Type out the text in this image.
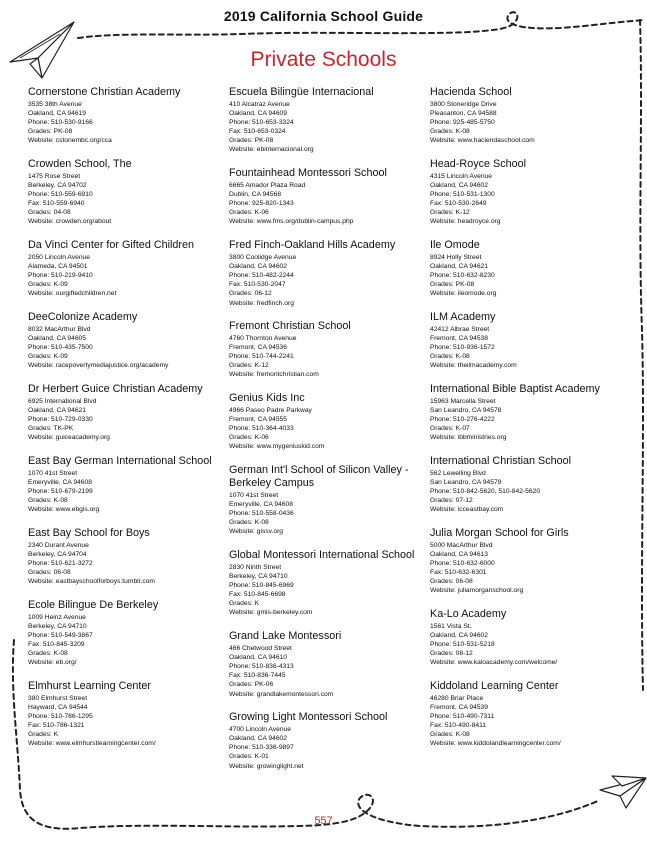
2019 California School Guide
Private Schools
Cornerstone Christian Academy
3535 38th Avenue
Oakland, CA 94619
Phone: 510-530-9166
Grades: PK-08
Website: cstonembc.org/cca
Crowden School, The
1475 Rose Street
Berkeley, CA 94702
Phone: 510-559-6910
Fax: 510-559-6940
Grades: 04-08
Website: crowden.org/about
Da Vinci Center for Gifted Children
2050 Lincoln Avenue
Alameda, CA 94501
Phone: 510-219-9410
Grades: K-09
Website: ourgiftedchildren.net
DeeColonize Academy
8032 MacArthur Blvd
Oakland, CA 94605
Phone: 510-435-7500
Grades: K-09
Website: racepovertymediajustice.org/academy
Dr Herbert Guice Christian Academy
6925 International Blvd
Oakland, CA 94621
Phone: 510-729-0330
Grades: TK-PK
Website: guiceacademy.org
East Bay German International School
1070 41st Street
Emeryville, CA 94608
Phone: 510-679-2199
Grades: K-08
Website: www.ebgis.org
East Bay School for Boys
2340 Durant Avenue
Berkeley, CA 94704
Phone: 510-621-3272
Grades: 06-08
Website: eastbayschoolforboys.tumblr.com
Ecole Bilingue De Berkeley
1009 Heinz Avenue
Berkeley, CA 94710
Phone: 510-549-3867
Fax: 510-845-3209
Grades: K-08
Website: eb.org/
Elmhurst Learning Center
380 Elmhurst Street
Hayward, CA 94544
Phone: 510-786-1295
Fax: 510-786-1321
Grades: K
Website: www.elmhurstlearningcenter.com/
Escuela Bilingüe Internacional
410 Alcatraz Avenue
Oakland, CA 94609
Phone: 510-653-3324
Fax: 510-653-0324
Grades: PK-08
Website: ebinternacional.org
Fountainhead Montessori School
6665 Amador Plaza Road
Dublin, CA 94568
Phone: 925-820-1343
Grades: K-06
Website: www.fms.org/dublin-campus.php
Fred Finch-Oakland Hills Academy
3800 Coolidge Avenue
Oakland, CA 94602
Phone: 510-482-2244
Fax: 510-530-2047
Grades: 06-12
Website: fredfinch.org
Fremont Christian School
4760 Thornton Avenue
Fremont, CA 94536
Phone: 510-744-2241
Grades: K-12
Website: fremontchristian.com
Genius Kids Inc
4966 Paseo Padre Parkway
Fremont, CA 94555
Phone: 510-364-4033
Grades: K-06
Website: www.mygeniuskid.com
German Int'l School of Silicon Valley - Berkeley Campus
1070 41st Street
Emeryville, CA 94608
Phone: 510-558-0436
Grades: K-08
Website: gissv.org
Global Montessori International School
2830 Ninth Street
Berkeley, CA 94710
Phone: 510-845-6969
Fax: 510-845-6698
Grades: K
Website: gmis-berkeley.com
Grand Lake Montessori
466 Chetwood Street
Oakland, CA 94610
Phone: 510-836-4313
Fax: 510-836-7445
Grades: PK-06
Website: grandlakemontessori.com
Growing Light Montessori School
4700 Lincoln Avenue
Oakland, CA 94602
Phone: 510-336-9897
Grades: K-01
Website: growinglight.net
Hacienda School
3800 Stoneridge Drive
Pleasanton, CA 94588
Phone: 925-485-5750
Grades: K-08
Website: www.haciendaschool.com
Head-Royce School
4315 Lincoln Avenue
Oakland, CA 94602
Phone: 510-531-1300
Fax: 510-530-2649
Grades: K-12
Website: headroyce.org
Ile Omode
8924 Holly Street
Oakland, CA 94621
Phone: 510-632-8230
Grades: PK-08
Website: ileomode.org
ILM Academy
42412 Albrae Street
Fremont, CA 94538
Phone: 510-936-1572
Grades: K-08
Website: theilmacademy.com
International Bible Baptist Academy
15963 Marcella Street
San Leandro, CA 94578
Phone: 510-276-4222
Grades: K-07
Website: ibbministries.org
International Christian School
562 Lewelling Blvd
San Leandro, CA 94579
Phone: 510-842-5620, 510-842-5620
Grades: 07-12
Website: icceastbay.com
Julia Morgan School for Girls
5000 MacArthur Blvd
Oakland, CA 94613
Phone: 510-632-6000
Fax: 510-632-6301
Grades: 06-08
Website: juliamorganschool.org
Ka-Lo Academy
1561 Vista St.
Oakland, CA 94602
Phone: 510-531-5218
Grades: 08-12
Website: www.kaloacademy.com/welcome/
Kiddoland Learning Center
46280 Briar Place
Fremont, CA 94539
Phone: 510-490-7311
Fax: 510-490-8411
Grades: K-08
Website: www.kiddolandlearningcenter.com/
557
